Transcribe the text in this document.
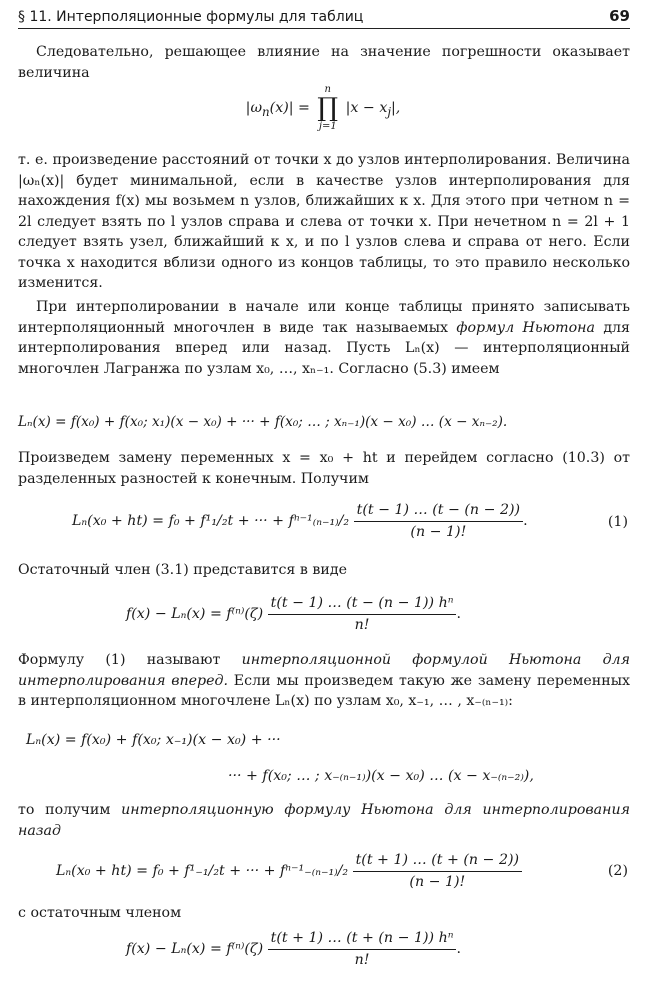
§ 11. Интерполяционные формулы для таблиц	69
Следовательно, решающее влияние на значение погрешности оказывает величина
$|\omega_n(x)|$ =
n
∏
j=1
$|x - x_j|$,
т. е. произведение расстояний от точки x до узлов интерполирования. Величина |ωₙ(x)| будет минимальной, если в качестве узлов интерполирования для нахождения f(x) мы возьмем n узлов, ближайших к x. Для этого при четном n = 2l следует взять по l узлов справа и слева от точки x. При нечетном n = 2l + 1 следует взять узел, ближайший к x, и по l узлов слева и справа от него. Если точка x находится вблизи одного из концов таблицы, то это правило несколько изменится.
При интерполировании в начале или конце таблицы принято записывать интерполяционный многочлен в виде так называемых формул Ньютона для интерполирования вперед или назад. Пусть Lₙ(x) — интерполяционный многочлен Лагранжа по узлам x₀, …, xₙ₋₁. Согласно (5.3) имеем
Lₙ(x) = f(x₀) + f(x₀; x₁)(x − x₀) + ··· + f(x₀; … ; xₙ₋₁)(x − x₀) … (x − xₙ₋₂).
Произведем замену переменных x = x₀ + ht и перейдем согласно (10.3) от разделенных разностей к конечным. Получим
Lₙ(x₀ + ht) = f₀ + f¹₁/₂t + ··· + $f^{n-1}_{(n-1)}/_2 \frac{t(t - 1) \dots (t - (n - 2))}{(n - 1)!}$ .	(1)
Остаточный член (3.1) представится в виде
$f(x) - L_n(x) = f^{(n)}(\zeta) \frac{\text{t(t − 1) … (t − (n − 1)) hⁿ}}{n!}$ .
Формулу (1) называют интерполяционной формулой Ньютона для интерполирования вперед. Если мы произведем такую же замену переменных в интерполяционном многочлене Lₙ(x) по узлам x₀, x₋₁, … , x₋₍ₙ₋₁₎:
Lₙ(x) = f(x₀) + f(x₀; x₋₁)(x − x₀) + ···
··· + f(x₀; … ; x₋₍ₙ₋₁₎)(x − x₀) … (x − x₋₍ₙ₋₂₎),
то получим интерполяционную формулу Ньютона для интерполирования назад
Lₙ(x₀ + ht) = f₀ + f¹₋₁/₂t + ··· + $f^{n-1}_{-(n-1)}/_2 \frac{t(t + 1) \dots (t + (n - 2))}{(n - 1)!}$	(2)
с остаточным членом
$f(x) - L_n(x) = f^{(n)}(\zeta) \frac{\text{t(t + 1) … (t + (n − 1)) hⁿ}}{n!}$ .
